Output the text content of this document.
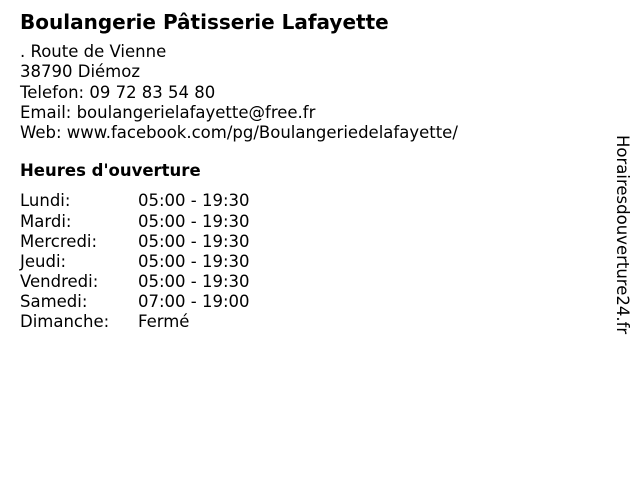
Boulangerie Pâtisserie Lafayette
. Route de Vienne
38790 Diémoz
Telefon: 09 72 83 54 80
Email: boulangerielafayette@free.fr
Web: www.facebook.com/pg/Boulangeriedelafayette/
Heures d'ouverture
Lundi:	05:00 - 19:30
Mardi:	05:00 - 19:30
Mercredi:	05:00 - 19:30
Jeudi:	05:00 - 19:30
Vendredi:	05:00 - 19:30
Samedi:	07:00 - 19:00
Dimanche:	Fermé	Horairesdouverture24.fr
